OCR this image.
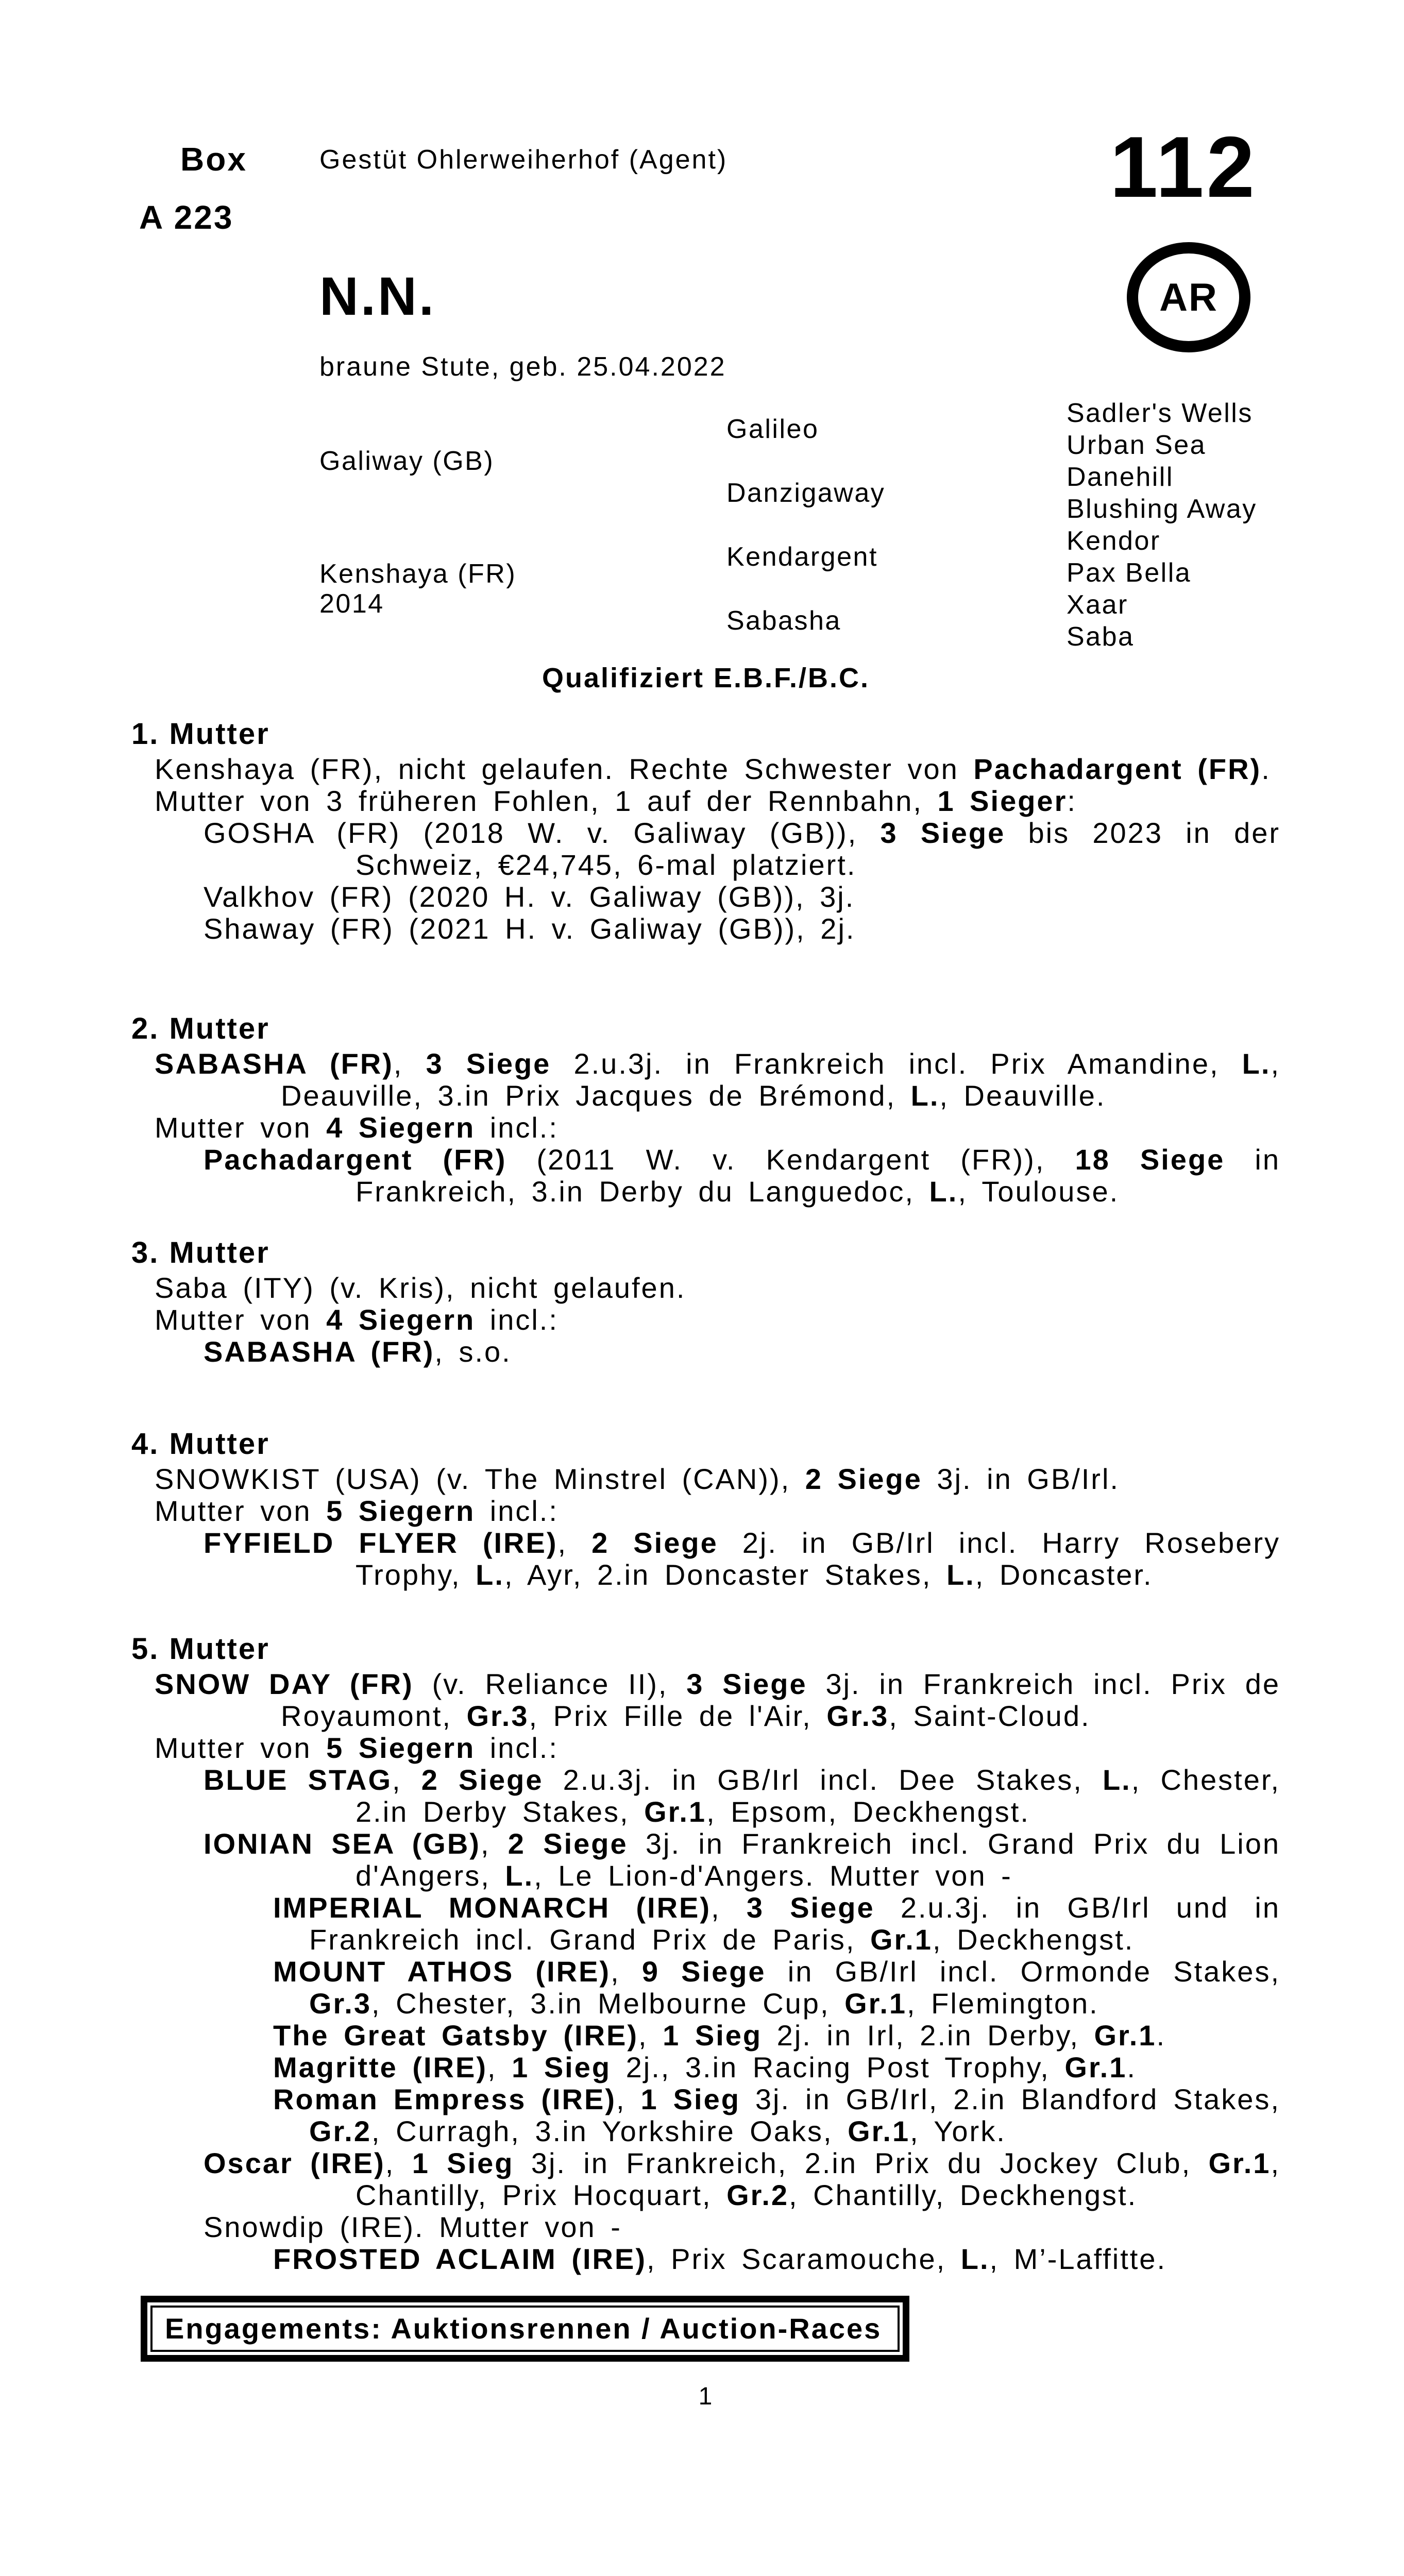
Box
A 223
Gestüt Ohlerweiherhof (Agent)	112
AR
N.N.
braune Stute, geb. 25.04.2022
Galiway (GB)
Kenshaya (FR)
2014
Galileo
Danzigaway
Kendargent
Sabasha
Sadler's Wells
Urban Sea
Danehill
Blushing Away
Kendor
Pax Bella
Xaar
Saba
Qualifiziert E.B.F./B.C.
1. Mutter

Kenshaya (FR), nicht gelaufen. Rechte Schwester von Pachadargent (FR).

Mutter von 3 früheren Fohlen, 1 auf der Rennbahn, 1 Sieger:

GOSHA (FR) (2018 W. v. Galiway (GB)), 3 Siege bis 2023 in der Schweiz, €24,745, 6-mal platziert.

Valkhov (FR) (2020 H. v. Galiway (GB)), 3j.

Shaway (FR) (2021 H. v. Galiway (GB)), 2j.

2. Mutter

SABASHA (FR), 3 Siege 2.u.3j. in Frankreich incl. Prix Amandine, L., Deauville, 3.in Prix Jacques de Brémond, L., Deauville.

Mutter von 4 Siegern incl.:

Pachadargent (FR) (2011 W. v. Kendargent (FR)), 18 Siege in Frankreich, 3.in Derby du Languedoc, L., Toulouse.

3. Mutter

Saba (ITY) (v. Kris), nicht gelaufen.

Mutter von 4 Siegern incl.:

SABASHA (FR), s.o.

4. Mutter

SNOWKIST (USA) (v. The Minstrel (CAN)), 2 Siege 3j. in GB/Irl.

Mutter von 5 Siegern incl.:

FYFIELD FLYER (IRE), 2 Siege 2j. in GB/Irl incl. Harry Rosebery Trophy, L., Ayr, 2.in Doncaster Stakes, L., Doncaster.

5. Mutter

SNOW DAY (FR) (v. Reliance II), 3 Siege 3j. in Frankreich incl. Prix de Royaumont, Gr.3, Prix Fille de l'Air, Gr.3, Saint-Cloud.

Mutter von 5 Siegern incl.:

BLUE STAG, 2 Siege 2.u.3j. in GB/Irl incl. Dee Stakes, L., Chester, 2.in Derby Stakes, Gr.1, Epsom, Deckhengst.

IONIAN SEA (GB), 2 Siege 3j. in Frankreich incl. Grand Prix du Lion d'Angers, L., Le Lion-d'Angers. Mutter von -

IMPERIAL MONARCH (IRE), 3 Siege 2.u.3j. in GB/Irl und in Frankreich incl. Grand Prix de Paris, Gr.1, Deckhengst.

MOUNT ATHOS (IRE), 9 Siege in GB/Irl incl. Ormonde Stakes, Gr.3, Chester, 3.in Melbourne Cup, Gr.1, Flemington.

The Great Gatsby (IRE), 1 Sieg 2j. in Irl, 2.in Derby, Gr.1.

Magritte (IRE), 1 Sieg 2j., 3.in Racing Post Trophy, Gr.1.

Roman Empress (IRE), 1 Sieg 3j. in GB/Irl, 2.in Blandford Stakes, Gr.2, Curragh, 3.in Yorkshire Oaks, Gr.1, York.

Oscar (IRE), 1 Sieg 3j. in Frankreich, 2.in Prix du Jockey Club, Gr.1, Chantilly, Prix Hocquart, Gr.2, Chantilly, Deckhengst.

Snowdip (IRE). Mutter von -

FROSTED ACLAIM (IRE), Prix Scaramouche, L., M’-Laffitte.

Engagements: Auktionsrennen / Auction-Races
1
